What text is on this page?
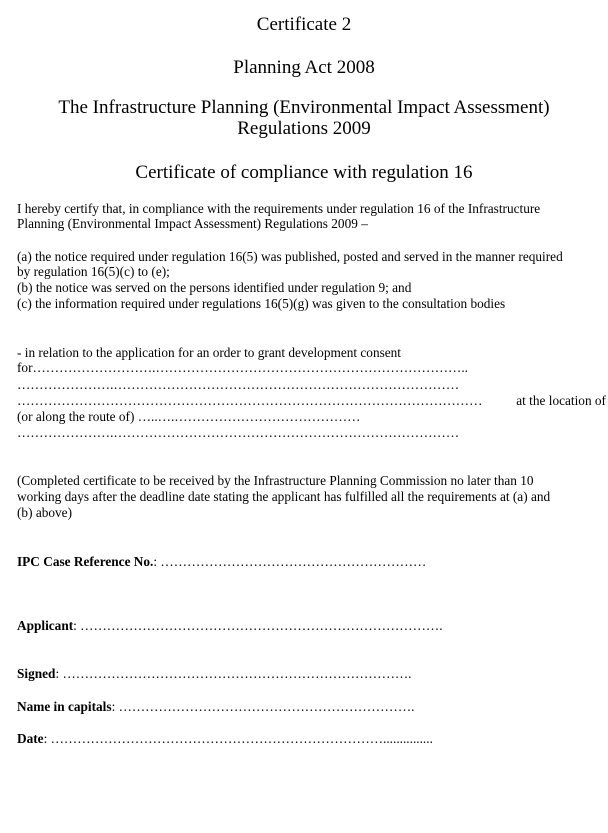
Certificate 2
Planning Act 2008
The Infrastructure Planning (Environmental Impact Assessment)
Regulations 2009
Certificate of compliance with regulation 16
I hereby certify that, in compliance with the requirements under regulation 16 of the Infrastructure
Planning (Environmental Impact Assessment) Regulations 2009 –
(a) the notice required under regulation 16(5) was published, posted and served in the manner required
by regulation 16(5)(c) to (e);
(b) the notice was served on the persons identified under regulation 9; and
(c) the information required under regulations 16(5)(g) was given to the consultation bodies
- in relation to the application for an order to grant development consent
for……………………….……………………………………………………………..
………………….……………………………………………………………………
……………………………………………………………………………………………	at the location of
(or along the route of) …..….……………………………………
………………….……………………………………………………………………
(Completed certificate to be received by the Infrastructure Planning Commission no later than 10
working days after the deadline date stating the applicant has fulfilled all the requirements at (a) and
(b) above)
IPC Case Reference No.: ……………………………………………………
Applicant: ……………………………………………………………………….
Signed: …………………………………………………………………….
Name in capitals: ………………………………………………………….
Date: …………………………………………………………………...............
